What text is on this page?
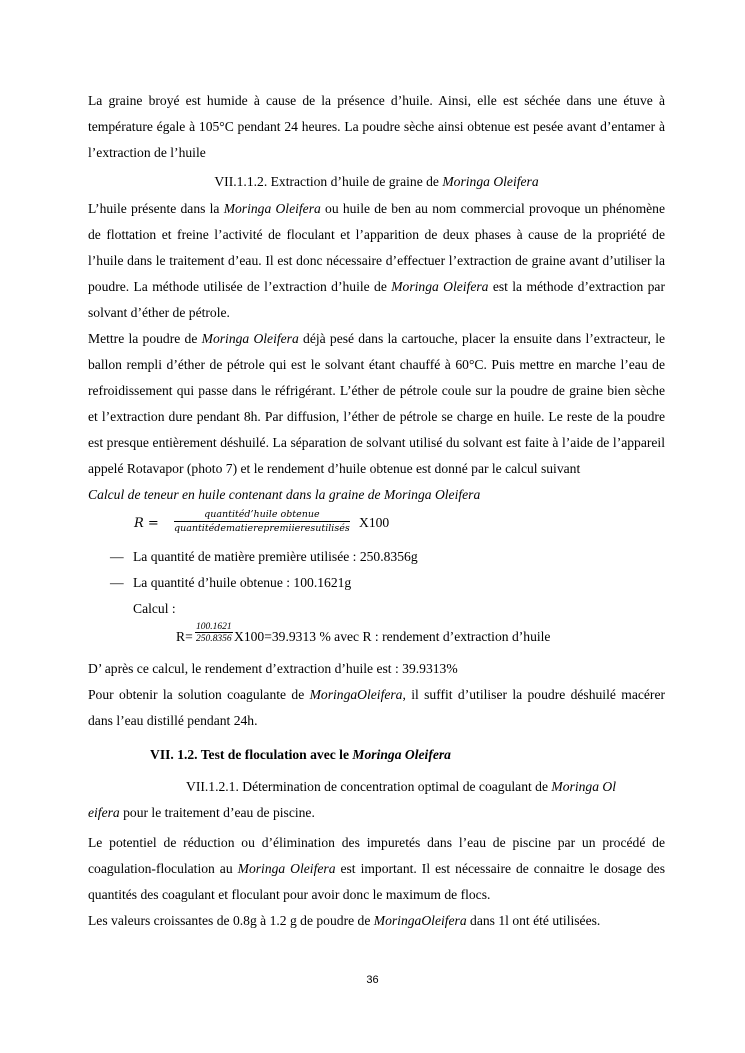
La graine broyé est humide à cause de la présence d’huile. Ainsi, elle est séchée dans une étuve à température égale à 105°C pendant 24 heures. La poudre sèche ainsi obtenue est pesée avant d’entamer à l’extraction de l’huile

VII.1.1.2. Extraction d’huile de graine de Moringa Oleifera

L’huile présente dans la Moringa Oleifera ou huile de ben au nom commercial provoque un phénomène de flottation et freine l’activité de floculant et l’apparition de deux phases à cause de la propriété de l’huile dans le traitement d’eau. Il est donc nécessaire d’effectuer l’extraction de graine avant d’utiliser la poudre. La méthode utilisée de l’extraction d’huile de Moringa Oleifera est la méthode d’extraction par solvant d’éther de pétrole.

Mettre la poudre de Moringa Oleifera déjà pesé dans la cartouche, placer la ensuite dans l’extracteur, le ballon rempli d’éther de pétrole qui est le solvant étant chauffé à 60°C. Puis mettre en marche l’eau de refroidissement qui passe dans le réfrigérant. L’éther de pétrole coule sur la poudre de graine bien sèche et l’extraction dure pendant 8h. Par diffusion, l’éther de pétrole se charge en huile. Le reste de la poudre est presque entièrement déshuilé. La séparation de solvant utilisé du solvant est faite à l’aide de l’appareil appelé Rotavapor (photo 7) et le rendement d’huile obtenue est donné par le calcul suivant

Calcul de teneur en huile contenant dans la graine de Moringa Oleifera

R =
quantitéd’huile obtenue
quantitédematierepremiieresutilisés X100
— La quantité de matière première utilisée : 250.8356g
— La quantité d’huile obtenue : 100.1621g

Calcul :

$R= \frac{100.1621}{250.8356} X100=39.9313$ % avec R : rendement d’extraction d’huile

D’ après ce calcul, le rendement d’extraction d’huile est : 39.9313%

Pour obtenir la solution coagulante de MoringaOleifera, il suffit d’utiliser la poudre déshuilé macérer dans l’eau distillé pendant 24h.

VII. 1.2. Test de floculation avec le Moringa Oleifera

VII.1.2.1. Détermination de concentration optimal de coagulant de Moringa Ol
eifera pour le traitement d’eau de piscine.

Le potentiel de réduction ou d’élimination des impuretés dans l’eau de piscine par un procédé de coagulation-floculation au Moringa Oleifera est important. Il est nécessaire de connaitre le dosage des quantités des coagulant et floculant pour avoir donc le maximum de flocs.

Les valeurs croissantes de 0.8g à 1.2 g de poudre de MoringaOleifera dans 1l ont été utilisées.

36
